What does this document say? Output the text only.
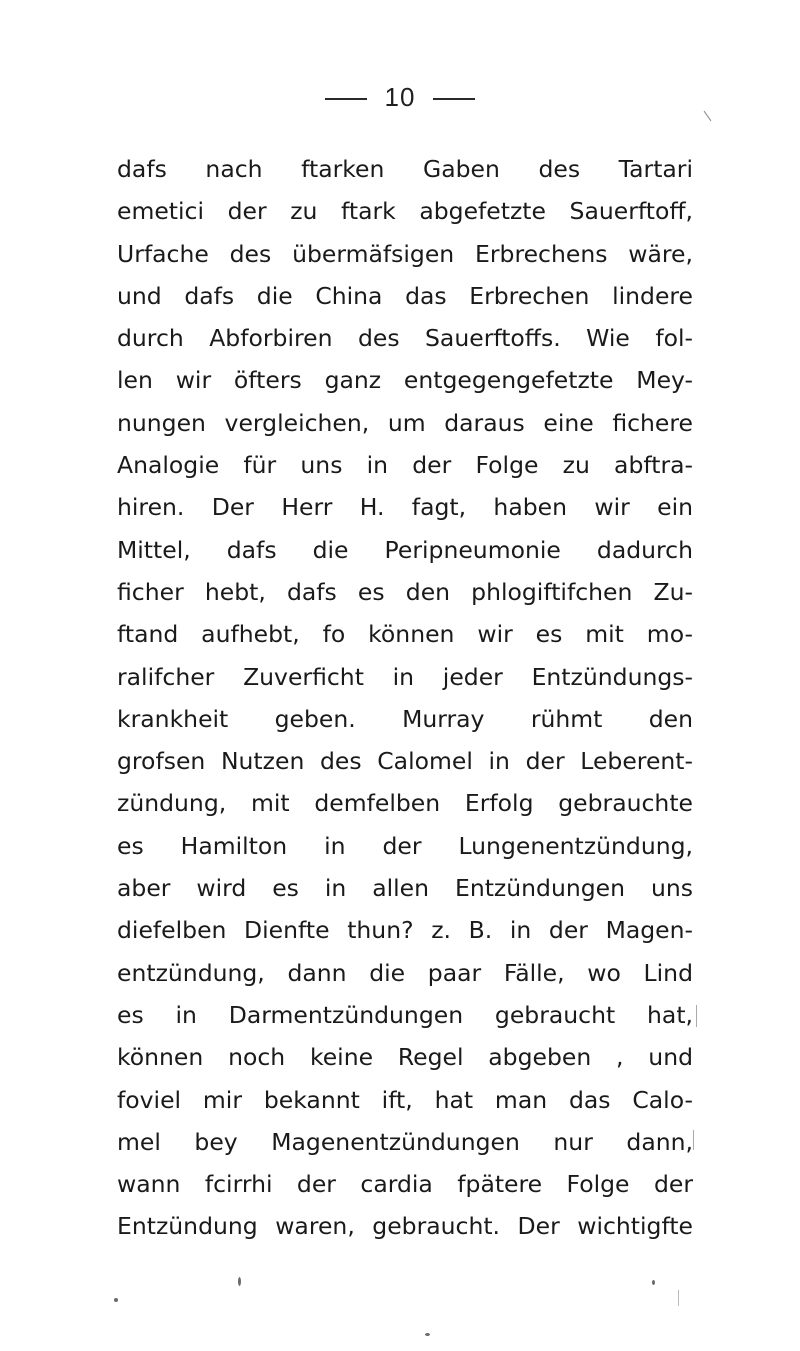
10
dafs nach ftarken Gaben des Tartari
emetici der zu ftark abgefetzte Sauerftoff,
Urfache des übermäfsigen Erbrechens wäre,
und dafs die China das Erbrechen lindere
durch Abforbiren des Sauerftoffs. Wie fol-
len wir öfters ganz entgegengefetzte Mey-
nungen vergleichen, um daraus eine fichere
Analogie für uns in der Folge zu abftra-
hiren. Der Herr H. fagt, haben wir ein
Mittel, dafs die Peripneumonie dadurch
ficher hebt, dafs es den phlogiftifchen Zu-
ftand aufhebt, fo können wir es mit mo-
ralifcher Zuverficht in jeder Entzündungs-
krankheit geben. Murray rühmt den
grofsen Nutzen des Calomel in der Leberent-
zündung, mit demfelben Erfolg gebrauchte
es Hamilton in der Lungenentzündung,
aber wird es in allen Entzündungen uns
diefelben Dienfte thun? z. B. in der Magen-
entzündung, dann die paar Fälle, wo Lind
es in Darmentzündungen gebraucht hat,
können noch keine Regel abgeben , und
foviel mir bekannt ift, hat man das Calo-
mel bey Magenentzündungen nur dann,
wann fcirrhi der cardia fpätere Folge der
Entzündung waren, gebraucht. Der wichtigfte
